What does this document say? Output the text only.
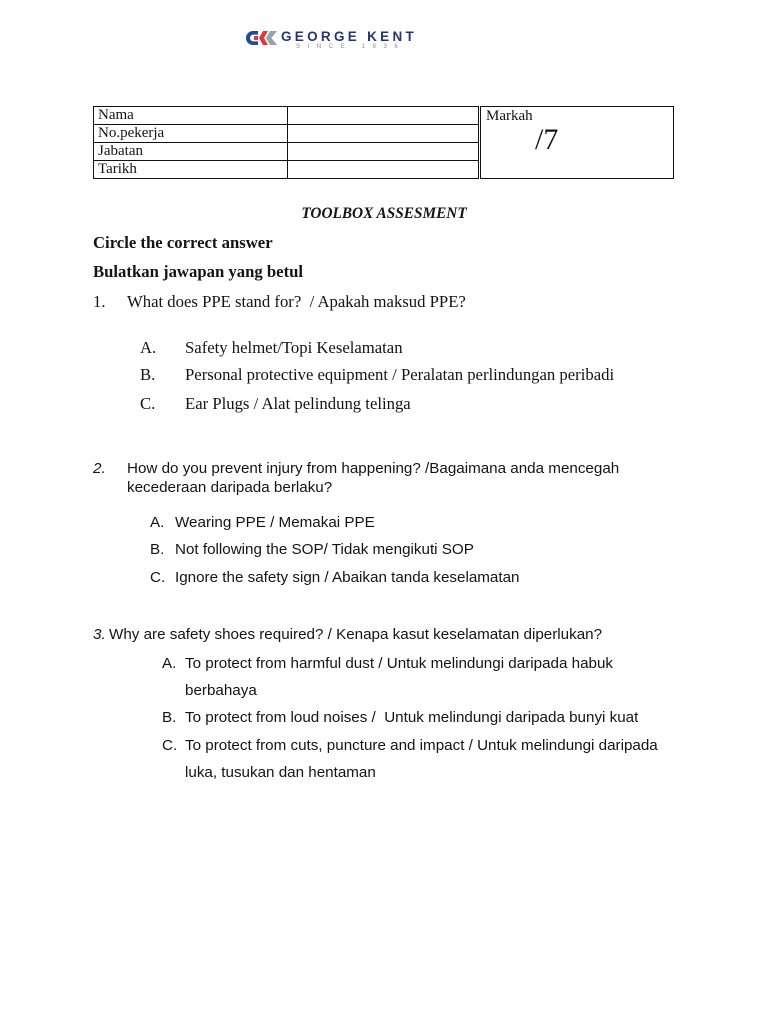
GEORGE KENT
SINCE 1936
Nama		Markah
/7

No.pekerja		
Jabatan		
Tarikh		
TOOLBOX ASSESMENT
Circle the correct answer
Bulatkan jawapan yang betul
1. What does PPE stand for?  / Apakah maksud PPE?
A. Safety helmet/Topi Keselamatan
B. Personal protective equipment / Peralatan perlindungan peribadi
C. Ear Plugs / Alat pelindung telinga
2. How do you prevent injury from happening? /Bagaimana anda mencegah
kecederaan daripada berlaku?
A. Wearing PPE / Memakai PPE
B. Not following the SOP/ Tidak mengikuti SOP
C. Ignore the safety sign / Abaikan tanda keselamatan
3. Why are safety shoes required? / Kenapa kasut keselamatan diperlukan?
A. To protect from harmful dust / Untuk melindungi daripada habuk
berbahaya
B. To protect from loud noises /  Untuk melindungi daripada bunyi kuat
C. To protect from cuts, puncture and impact / Untuk melindungi daripada
luka, tusukan dan hentaman
